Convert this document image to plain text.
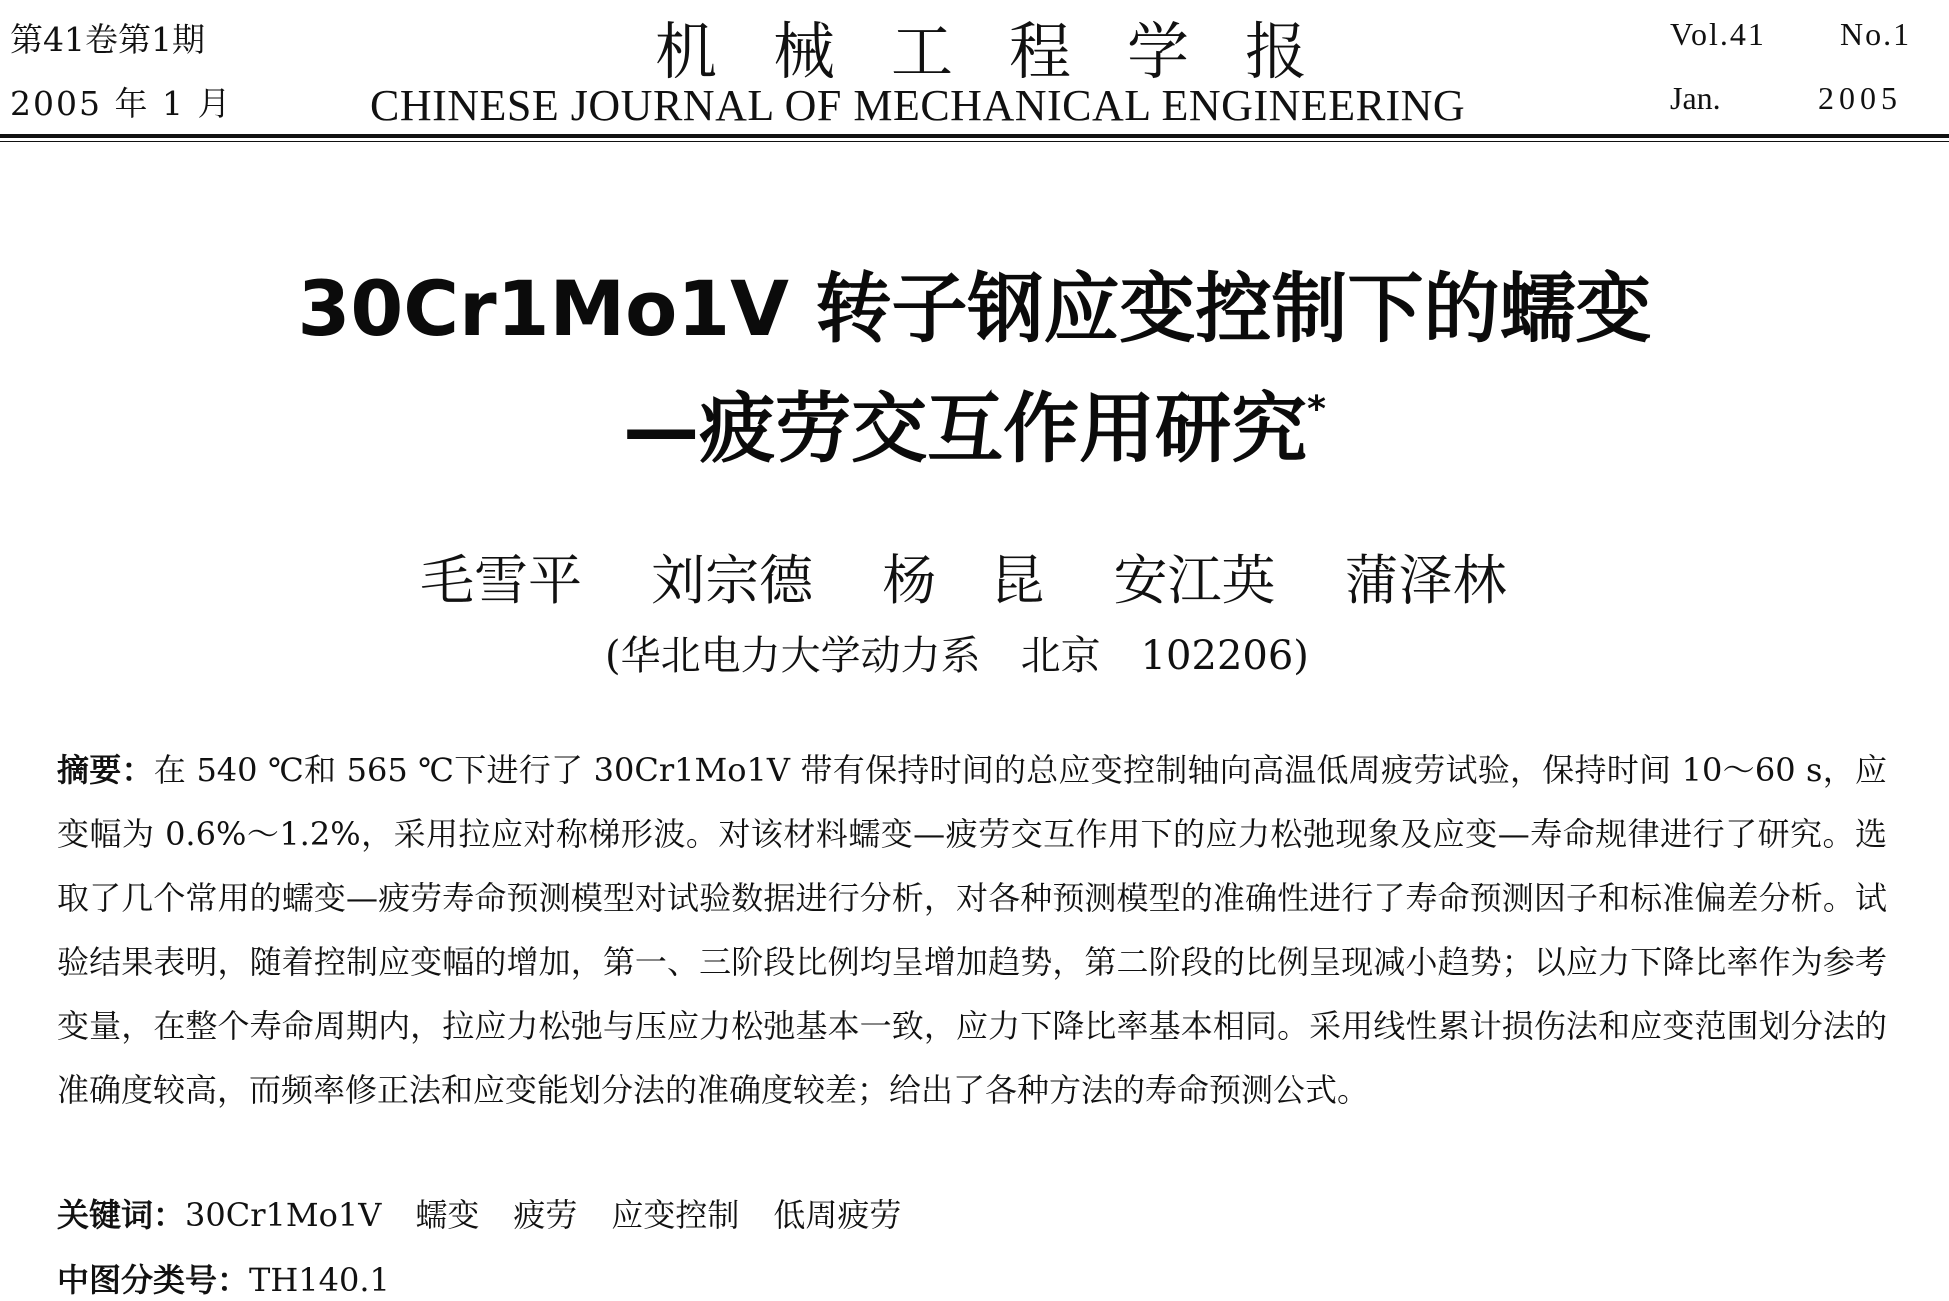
第41卷第1期
2005 年 1 月
机械工程学报
CHINESE JOURNAL OF MECHANICAL ENGINEERING
Vol.41 No.1
Jan.	2005
30Cr1Mo1V 转子钢应变控制下的蠕变
—疲劳交互作用研究*
毛雪平 刘宗德 杨　昆 安江英 蒲泽林
(华北电力大学动力系　北京　102206)
摘要：在 540 ℃和 565 ℃下进行了 30Cr1Mo1V 带有保持时间的总应变控制轴向高温低周疲劳试验，保持时间 10～60 s，应变幅为 0.6%～1.2%，采用拉应对称梯形波。对该材料蠕变—疲劳交互作用下的应力松弛现象及应变—寿命规律进行了研究。选取了几个常用的蠕变—疲劳寿命预测模型对试验数据进行分析，对各种预测模型的准确性进行了寿命预测因子和标准偏差分析。试验结果表明，随着控制应变幅的增加，第一、三阶段比例均呈增加趋势，第二阶段的比例呈现减小趋势；以应力下降比率作为参考变量，在整个寿命周期内，拉应力松弛与压应力松弛基本一致，应力下降比率基本相同。采用线性累计损伤法和应变范围划分法的准确度较高，而频率修正法和应变能划分法的准确度较差；给出了各种方法的寿命预测公式。
关键词：30Cr1Mo1V 蠕变 疲劳 应变控制 低周疲劳
中图分类号：TH140.1
